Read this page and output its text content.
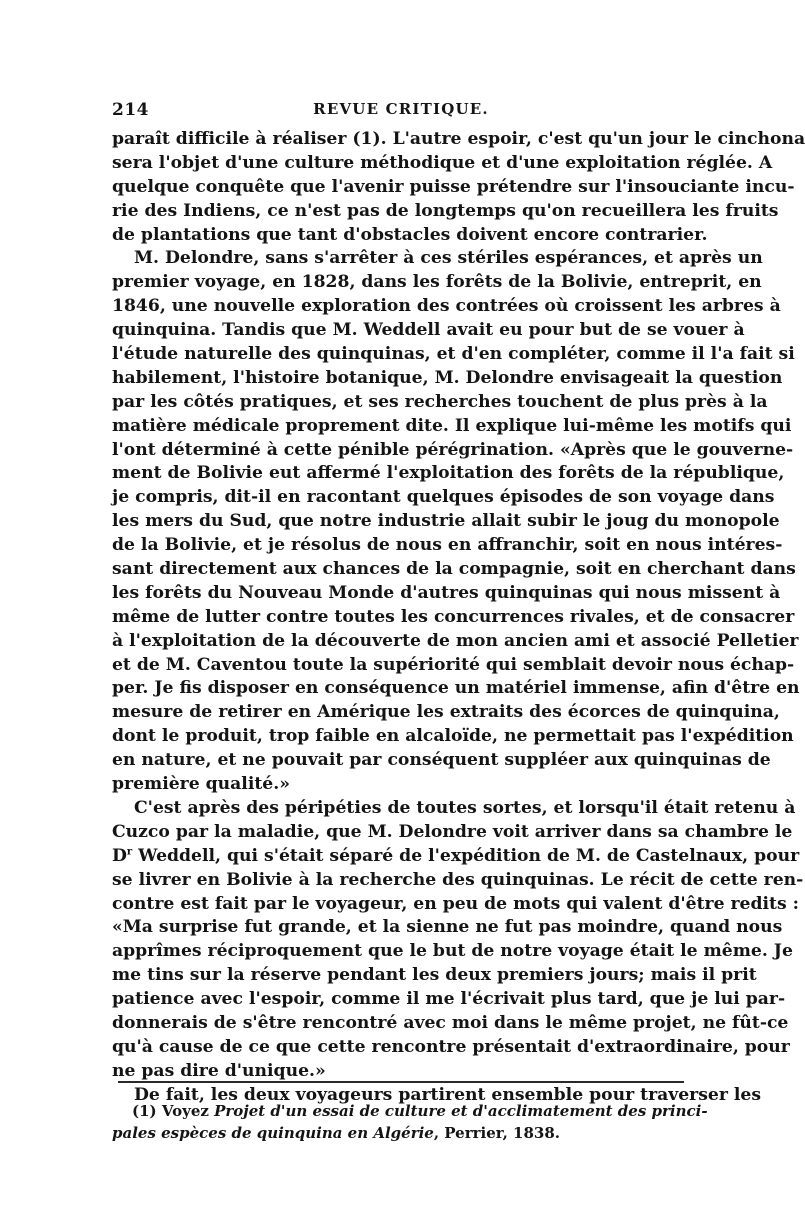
214	REVUE CRITIQUE.
paraît difficile à réaliser (1). L'autre espoir, c'est qu'un jour le cinchona
sera l'objet d'une culture méthodique et d'une exploitation réglée. A
quelque conquête que l'avenir puisse prétendre sur l'insouciante incu-
rie des Indiens, ce n'est pas de longtemps qu'on recueillera les fruits
de plantations que tant d'obstacles doivent encore contrarier.
M. Delondre, sans s'arrêter à ces stériles espérances, et après un
premier voyage, en 1828, dans les forêts de la Bolivie, entreprit, en
1846, une nouvelle exploration des contrées où croissent les arbres à
quinquina. Tandis que M. Weddell avait eu pour but de se vouer à
l'étude naturelle des quinquinas, et d'en compléter, comme il l'a fait si
habilement, l'histoire botanique, M. Delondre envisageait la question
par les côtés pratiques, et ses recherches touchent de plus près à la
matière médicale proprement dite. Il explique lui-même les motifs qui
l'ont déterminé à cette pénible pérégrination. «Après que le gouverne-
ment de Bolivie eut affermé l'exploitation des forêts de la république,
je compris, dit-il en racontant quelques épisodes de son voyage dans
les mers du Sud, que notre industrie allait subir le joug du monopole
de la Bolivie, et je résolus de nous en affranchir, soit en nous intéres-
sant directement aux chances de la compagnie, soit en cherchant dans
les forêts du Nouveau Monde d'autres quinquinas qui nous missent à
même de lutter contre toutes les concurrences rivales, et de consacrer
à l'exploitation de la découverte de mon ancien ami et associé Pelletier
et de M. Caventou toute la supériorité qui semblait devoir nous échap-
per. Je fis disposer en conséquence un matériel immense, afin d'être en
mesure de retirer en Amérique les extraits des écorces de quinquina,
dont le produit, trop faible en alcaloïde, ne permettait pas l'expédition
en nature, et ne pouvait par conséquent suppléer aux quinquinas de
première qualité.»
C'est après des péripéties de toutes sortes, et lorsqu'il était retenu à
Cuzco par la maladie, que M. Delondre voit arriver dans sa chambre le
$D^r$ Weddell, qui s'était séparé de l'expédition de M. de Castelnaux, pour
se livrer en Bolivie à la recherche des quinquinas. Le récit de cette ren-
contre est fait par le voyageur, en peu de mots qui valent d'être redits :
«Ma surprise fut grande, et la sienne ne fut pas moindre, quand nous
apprîmes réciproquement que le but de notre voyage était le même. Je
me tins sur la réserve pendant les deux premiers jours; mais il prit
patience avec l'espoir, comme il me l'écrivait plus tard, que je lui par-
donnerais de s'être rencontré avec moi dans le même projet, ne fût-ce
qu'à cause de ce que cette rencontre présentait d'extraordinaire, pour
ne pas dire d'unique.»
De fait, les deux voyageurs partirent ensemble pour traverser les
(1) Voyez Projet d'un essai de culture et d'acclimatement des princi-
pales espèces de quinquina en Algérie, Perrier, 1838.
